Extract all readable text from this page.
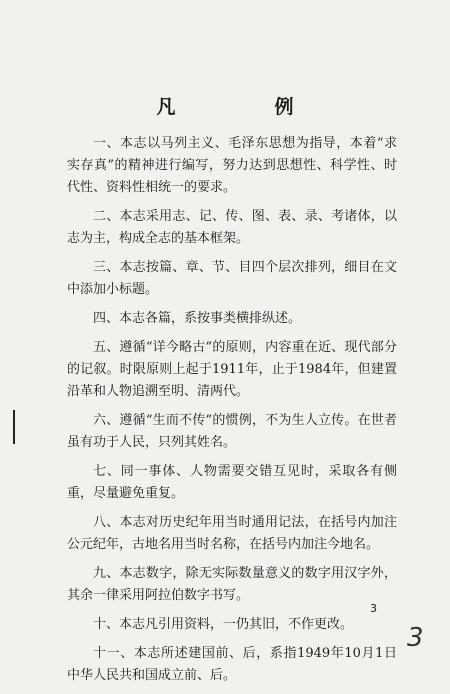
凡　例

一、本志以马列主义、毛泽东思想为指导，本着“求实存真”的精神进行编写，努力达到思想性、科学性、时代性、资料性相统一的要求。

二、本志采用志、记、传、图、表、录、考诸体，以志为主，构成全志的基本框架。

三、本志按篇、章、节、目四个层次排列，细目在文中添加小标题。

四、本志各篇，系按事类横排纵述。

五、遵循“详今略古”的原则，内容重在近、现代部分的记叙。时限原则上起于1911年，止于1984年，但建置沿革和人物追溯至明、清两代。

六、遵循“生而不传”的惯例，不为生人立传。在世者虽有功于人民，只列其姓名。

七、同一事体、人物需要交错互见时，采取各有侧重，尽量避免重复。

八、本志对历史纪年用当时通用记法，在括号内加注公元纪年，古地名用当时名称，在括号内加注今地名。

九、本志数字，除无实际数量意义的数字用汉字外，其余一律采用阿拉伯数字书写。

十、本志凡引用资料，一仍其旧，不作更改。

十一、本志所述建国前、后，系指1949年10月1日中华人民共和国成立前、后。

3
3
